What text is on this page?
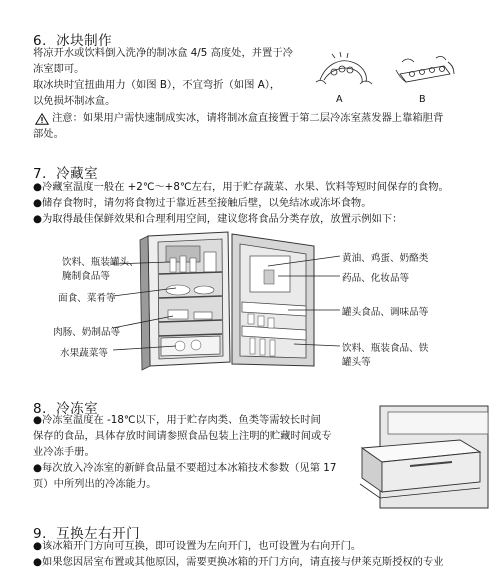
6．冰块制作
将凉开水或饮料倒入洗净的制冰盒 4/5 高度处，并置于冷
冻室即可。
取冰块时宜扭曲用力（如图 B），不宜弯折（如图 A），
以免损坏制冰盒。	A	B
注意：如果用户需快速制成实冰，请将制冰盒直接置于第二层冷冻室蒸发器上靠箱胆背
部处。
7．冷藏室
●冷藏室温度一般在 +2℃～+8℃左右，用于贮存蔬菜、水果、饮料等短时间保存的食物。
●储存食物时，请勿将食物过于靠近甚至接触后壁，以免结冰或冻坏食物。
●为取得最佳保鲜效果和合理利用空间，建议您将食品分类存放，放置示例如下：
饮料、瓶装罐头、
腌制食品等
面食、菜肴等
肉肠、奶制品等
水果蔬菜等
黄油、鸡蛋、奶酪类
药品、化妆品等
罐头食品、调味品等
饮料、瓶装食品、铁
罐头等
8．冷冻室
●冷冻室温度在 -18℃以下，用于贮存肉类、鱼类等需较长时间
保存的食品，具体存放时间请参照食品包装上注明的贮藏时间或专
业冷冻手册。
●每次放入冷冻室的新鲜食品量不要超过本冰箱技术参数（见第 17
页）中所列出的冷冻能力。
9．互换左右开门
●该冰箱开门方向可互换，即可设置为左向开门，也可设置为右向开门。
●如果您因居室布置或其他原因，需要更换冰箱的开门方向，请直接与伊莱克斯授权的专业
